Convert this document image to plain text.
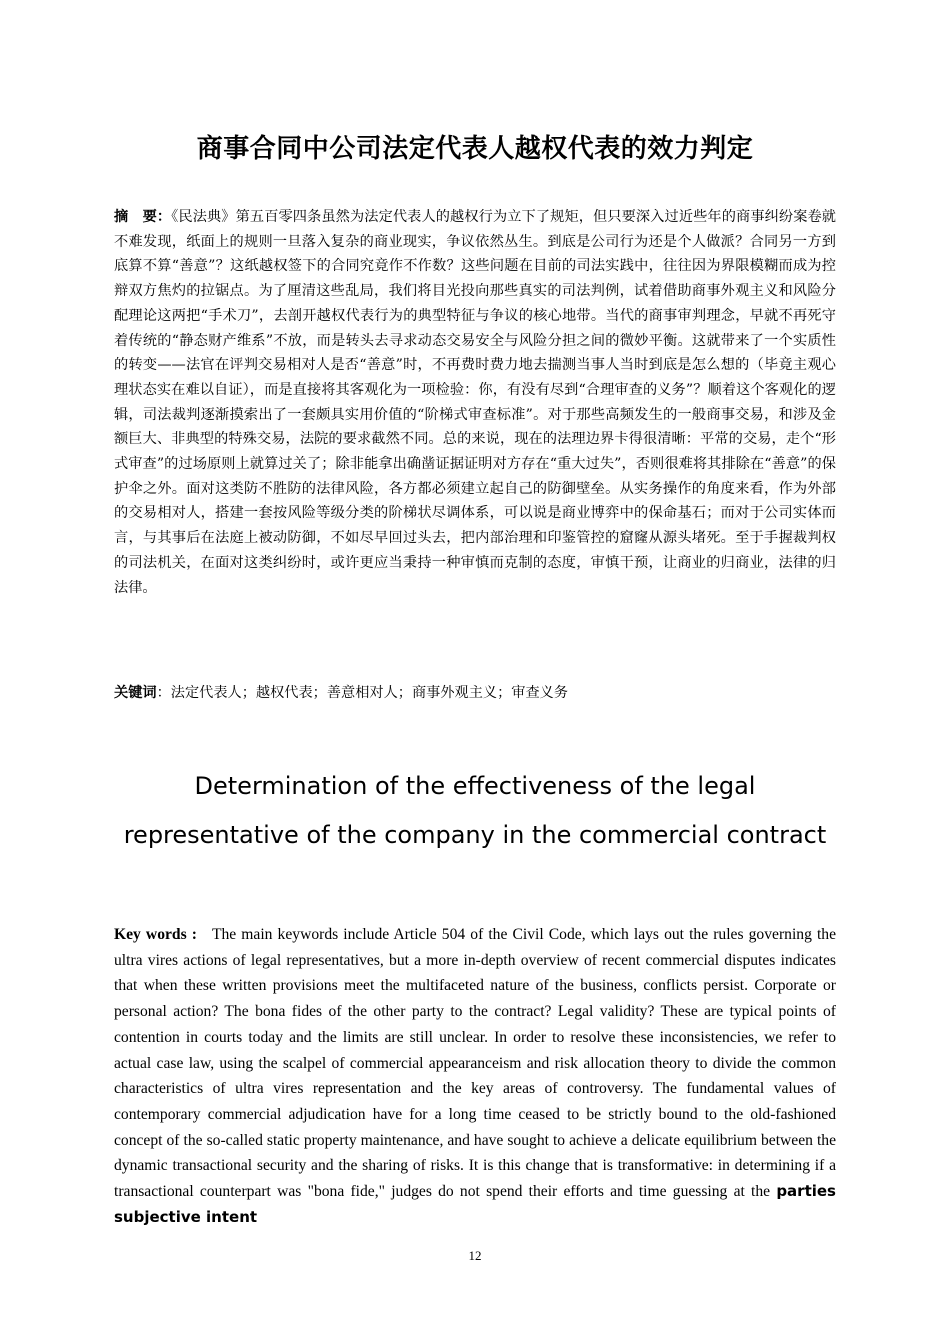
商事合同中公司法定代表人越权代表的效力判定

摘　要：《民法典》第五百零四条虽然为法定代表人的越权行为立下了规矩，但只要深入过近些年的商事纠纷案卷就不难发现，纸面上的规则一旦落入复杂的商业现实，争议依然丛生。到底是公司行为还是个人做派？合同另一方到底算不算“善意”？这纸越权签下的合同究竟作不作数？这些问题在目前的司法实践中，往往因为界限模糊而成为控辩双方焦灼的拉锯点。为了厘清这些乱局，我们将目光投向那些真实的司法判例，试着借助商事外观主义和风险分配理论这两把“手术刀”，去剖开越权代表行为的典型特征与争议的核心地带。当代的商事审判理念，早就不再死守着传统的“静态财产维系”不放，而是转头去寻求动态交易安全与风险分担之间的微妙平衡。这就带来了一个实质性的转变——法官在评判交易相对人是否“善意”时，不再费时费力地去揣测当事人当时到底是怎么想的（毕竟主观心理状态实在难以自证），而是直接将其客观化为一项检验：你，有没有尽到“合理审查的义务”？顺着这个客观化的逻辑，司法裁判逐渐摸索出了一套颇具实用价值的“阶梯式审查标准”。对于那些高频发生的一般商事交易，和涉及金额巨大、非典型的特殊交易，法院的要求截然不同。总的来说，现在的法理边界卡得很清晰：平常的交易，走个“形式审查”的过场原则上就算过关了；除非能拿出确凿证据证明对方存在“重大过失”，否则很难将其排除在“善意”的保护伞之外。面对这类防不胜防的法律风险，各方都必须建立起自己的防御壁垒。从实务操作的角度来看，作为外部的交易相对人，搭建一套按风险等级分类的阶梯状尽调体系，可以说是商业博弈中的保命基石；而对于公司实体而言，与其事后在法庭上被动防御，不如尽早回过头去，把内部治理和印鉴管控的窟窿从源头堵死。至于手握裁判权的司法机关，在面对这类纠纷时，或许更应当秉持一种审慎而克制的态度，审慎干预，让商业的归商业，法律的归法律。

关键词：法定代表人；越权代表；善意相对人；商事外观主义；审查义务

Determination of the effectiveness of the legal
representative of the company in the commercial contract

Key words : The main keywords include Article 504 of the Civil Code, which lays out the rules governing the ultra vires actions of legal representatives, but a more in-depth overview of recent commercial disputes indicates that when these written provisions meet the multifaceted nature of the business, conflicts persist. Corporate or personal action? The bona fides of the other party to the contract? Legal validity? These are typical points of contention in courts today and the limits are still unclear. In order to resolve these inconsistencies, we refer to actual case law, using the scalpel of commercial appearanceism and risk allocation theory to divide the common characteristics of ultra vires representation and the key areas of controversy. The fundamental values of contemporary commercial adjudication have for a long time ceased to be strictly bound to the old-fashioned concept of the so-called static property maintenance, and have sought to achieve a delicate equilibrium between the dynamic transactional security and the sharing of risks. It is this change that is transformative: in determining if a transactional counterpart was "bona fide," judges do not spend their efforts and time guessing at the parties subjective intent

12
